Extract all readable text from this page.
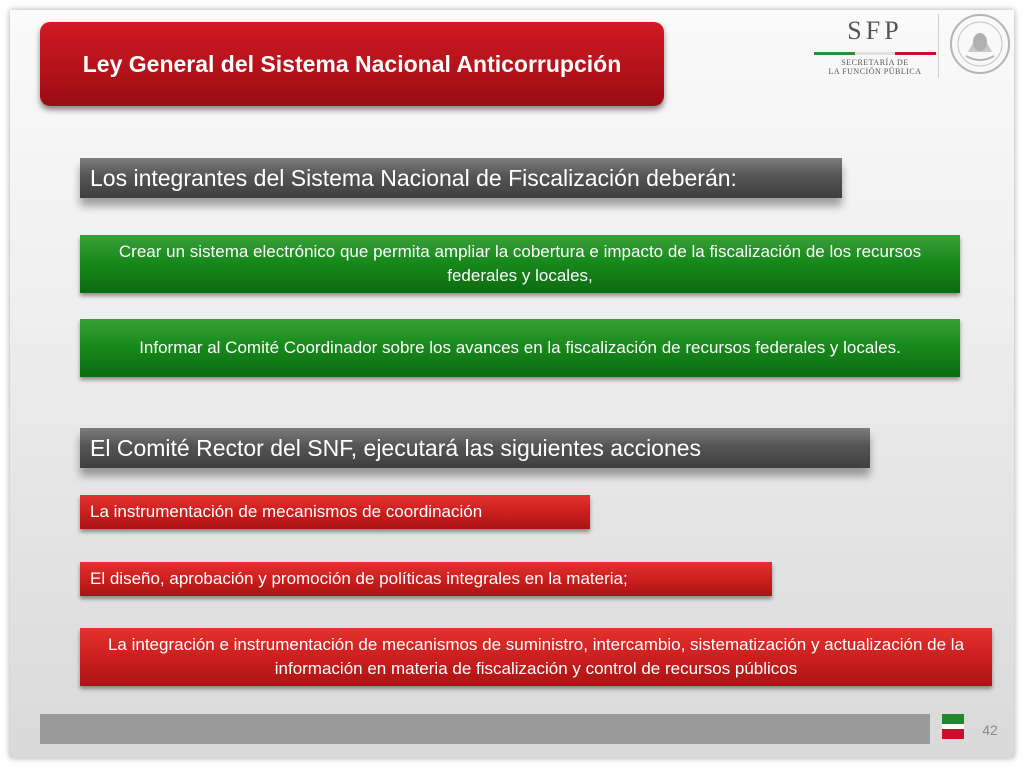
Ley General del Sistema Nacional Anticorrupción
SFP
SECRETARÍA DE
LA FUNCIÓN PÚBLICA
Los integrantes del Sistema Nacional de Fiscalización deberán:
Crear un sistema electrónico que permita ampliar la cobertura e impacto de la fiscalización de los recursos federales y locales,
Informar al Comité Coordinador sobre los avances en la fiscalización de recursos federales y locales.
El Comité Rector del SNF, ejecutará las siguientes acciones
La instrumentación de mecanismos de coordinación
El diseño, aprobación y promoción de políticas integrales en la materia;
La integración e instrumentación de mecanismos de suministro, intercambio, sistematización y actualización de la información en materia de fiscalización y control de recursos públicos
42
